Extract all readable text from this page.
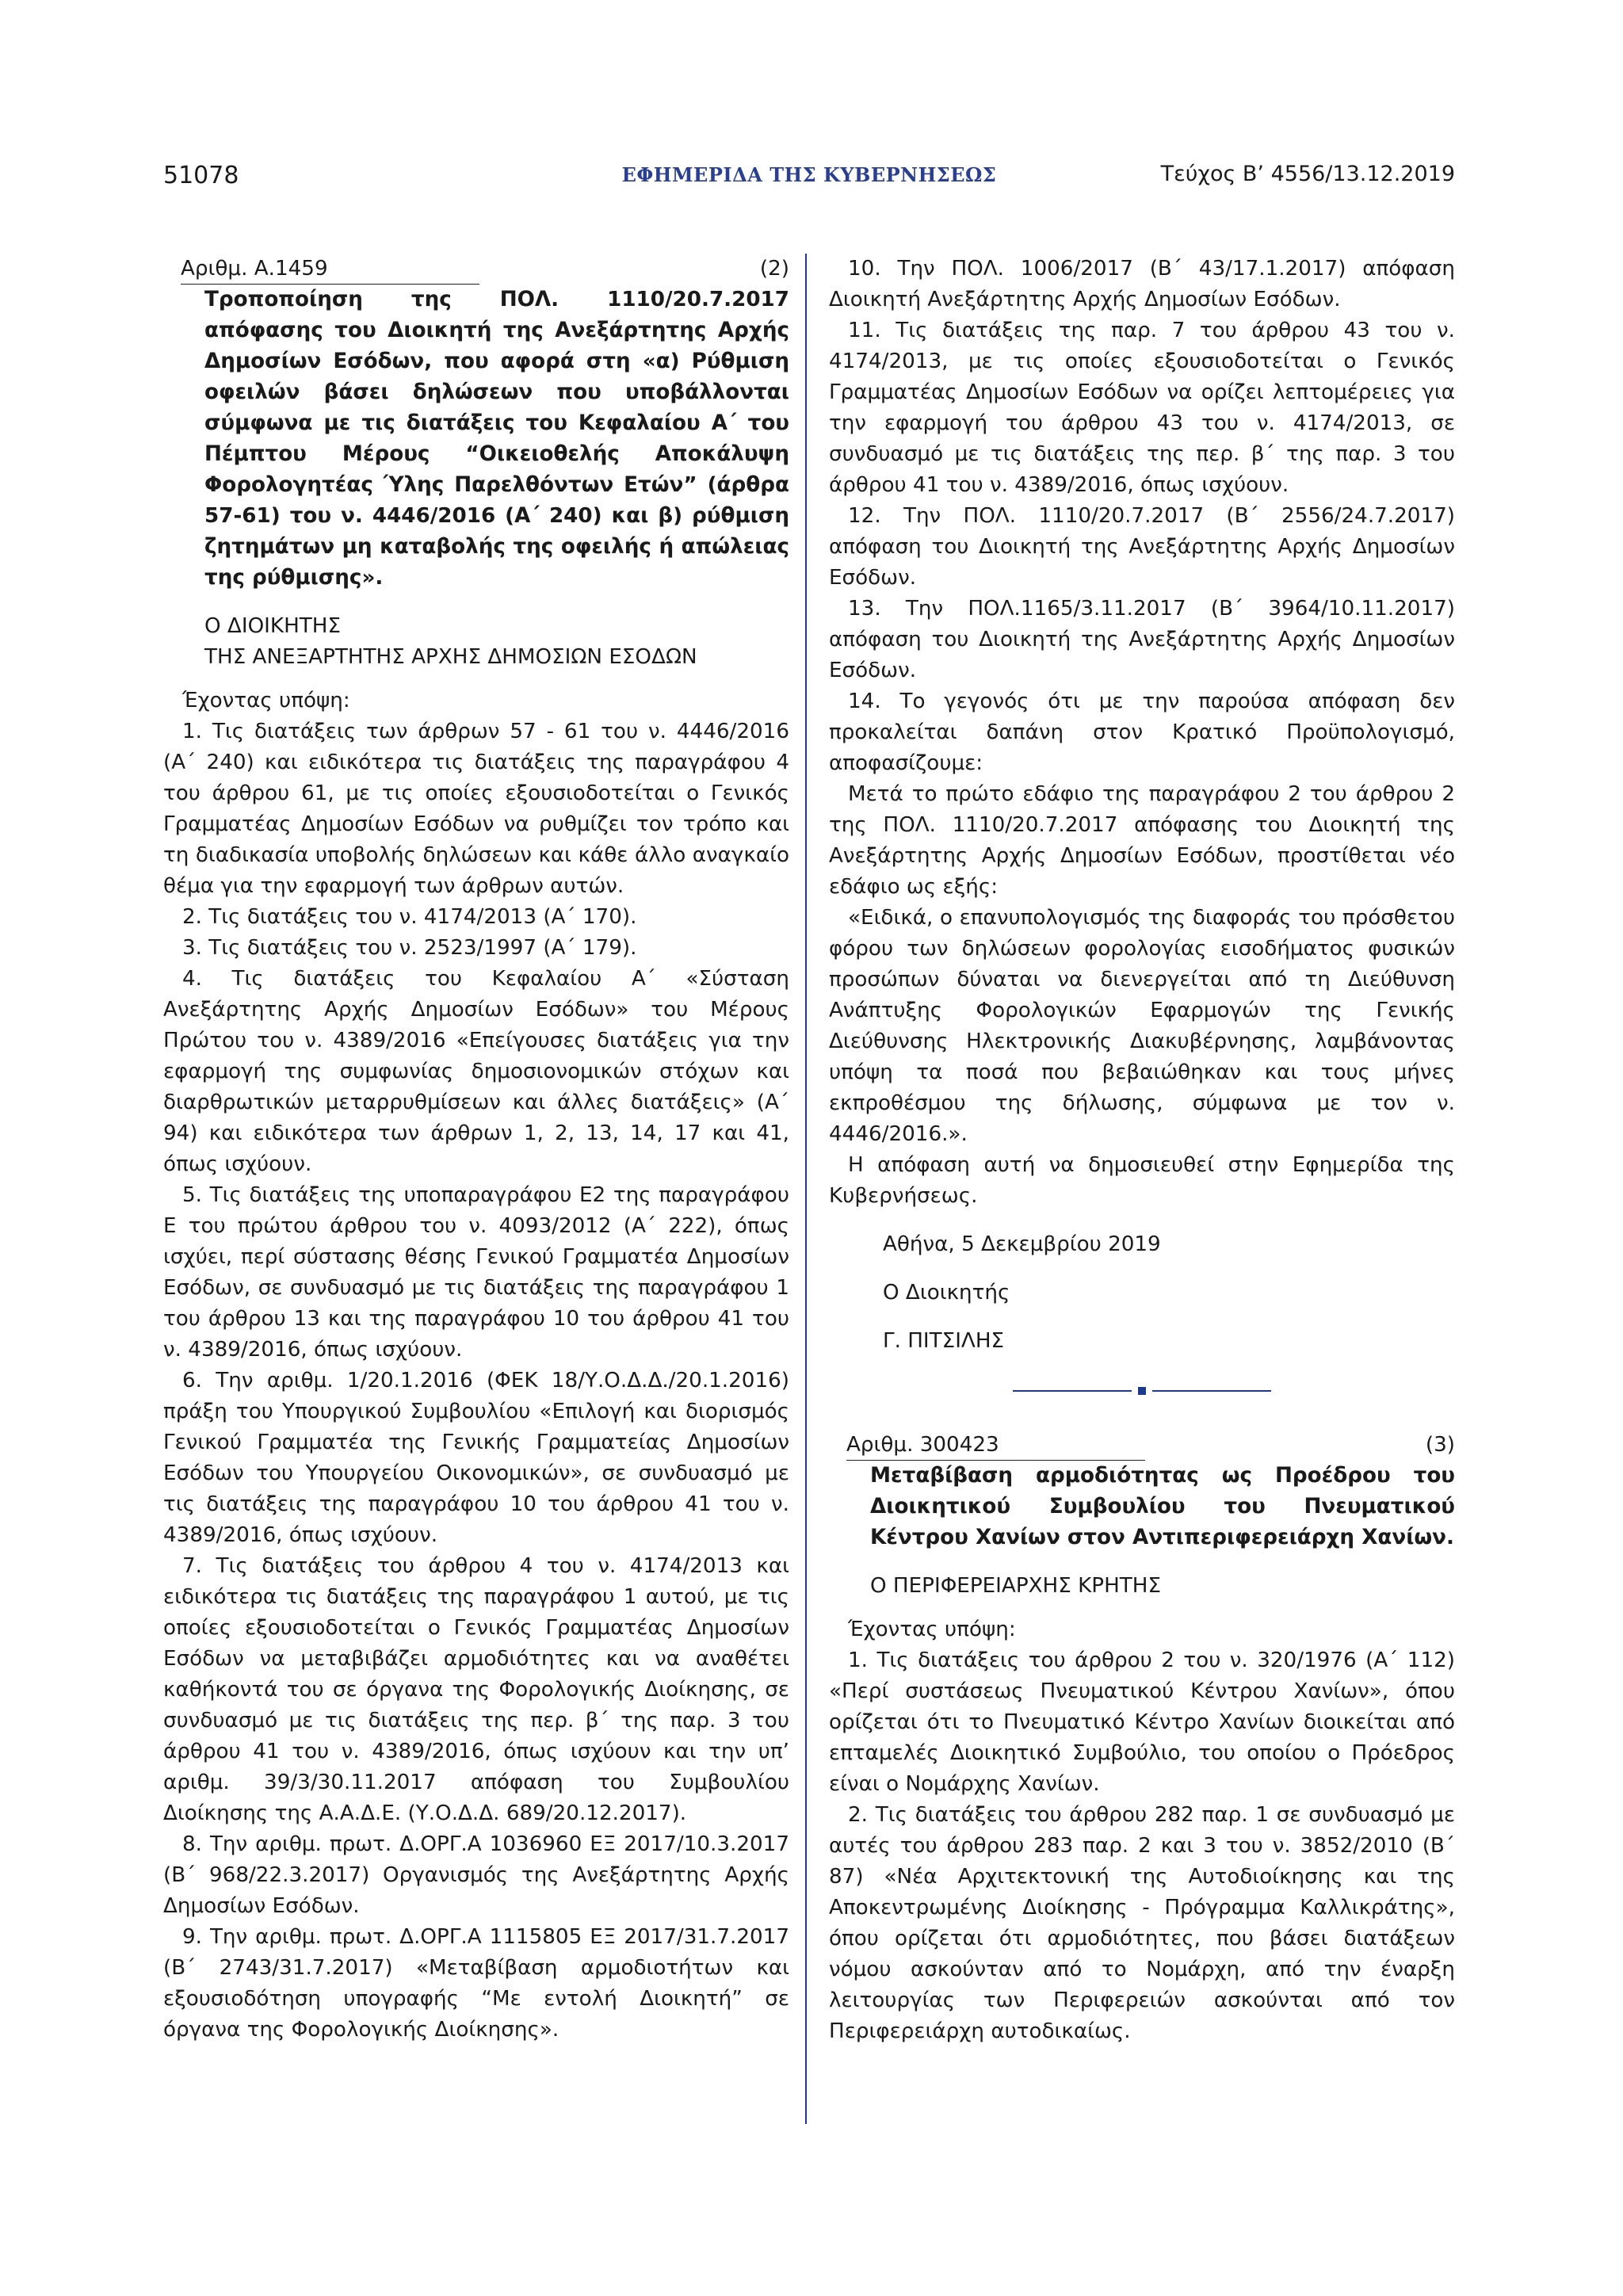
51078	ΕΦΗΜΕΡΙΔΑ ΤΗΣ ΚΥΒΕΡΝΗΣΕΩΣ	Τεύχος Β’ 4556/13.12.2019
Αριθμ. Α.1459	(2)
Τροποποίηση της ΠΟΛ. 1110/20.7.2017 απόφασης του Διοικητή της Ανεξάρτητης Αρχής Δημοσίων Εσόδων, που αφορά στη «α) Ρύθμιση οφειλών βάσει δηλώσεων που υποβάλλονται σύμφωνα με τις διατάξεις του Κεφαλαίου Α΄ του Πέμπτου Μέρους “Οικειοθελής Αποκάλυψη Φορολογητέας Ύλης Παρελθόντων Ετών” (άρθρα 57-61) του ν. 4446/2016 (Α΄ 240) και β) ρύθμιση ζητημάτων μη καταβολής της οφειλής ή απώλειας της ρύθμισης».
Ο ΔΙΟΙΚΗΤΗΣ
ΤΗΣ ΑΝΕΞΑΡΤΗΤΗΣ ΑΡΧΗΣ ΔΗΜΟΣΙΩΝ ΕΣΟΔΩΝ

Έχοντας υπόψη:

1. Τις διατάξεις των άρθρων 57 - 61 του ν. 4446/2016 (Α΄ 240) και ειδικότερα τις διατάξεις της παραγράφου 4 του άρθρου 61, με τις οποίες εξουσιοδοτείται ο Γενικός Γραμματέας Δημοσίων Εσόδων να ρυθμίζει τον τρόπο και τη διαδικασία υποβολής δηλώσεων και κάθε άλλο αναγκαίο θέμα για την εφαρμογή των άρθρων αυτών.

2. Τις διατάξεις του ν. 4174/2013 (Α΄ 170).

3. Τις διατάξεις του ν. 2523/1997 (Α΄ 179).

4. Τις διατάξεις του Κεφαλαίου Α΄ «Σύσταση Ανεξάρτητης Αρχής Δημοσίων Εσόδων» του Μέρους Πρώτου του ν. 4389/2016 «Επείγουσες διατάξεις για την εφαρμογή της συμφωνίας δημοσιονομικών στόχων και διαρθρωτικών μεταρρυθμίσεων και άλλες διατάξεις» (Α΄ 94) και ειδικότερα των άρθρων 1, 2, 13, 14, 17 και 41, όπως ισχύουν.

5. Τις διατάξεις της υποπαραγράφου Ε2 της παραγράφου Ε του πρώτου άρθρου του ν. 4093/2012 (Α΄ 222), όπως ισχύει, περί σύστασης θέσης Γενικού Γραμματέα Δημοσίων Εσόδων, σε συνδυασμό με τις διατάξεις της παραγράφου 1 του άρθρου 13 και της παραγράφου 10 του άρθρου 41 του ν. 4389/2016, όπως ισχύουν.

6. Την αριθμ. 1/20.1.2016 (ΦΕΚ 18/Υ.Ο.Δ.Δ./20.1.2016) πράξη του Υπουργικού Συμβουλίου «Επιλογή και διορισμός Γενικού Γραμματέα της Γενικής Γραμματείας Δημοσίων Εσόδων του Υπουργείου Οικονομικών», σε συνδυασμό με τις διατάξεις της παραγράφου 10 του άρθρου 41 του ν. 4389/2016, όπως ισχύουν.

7. Τις διατάξεις του άρθρου 4 του ν. 4174/2013 και ειδικότερα τις διατάξεις της παραγράφου 1 αυτού, με τις οποίες εξουσιοδοτείται ο Γενικός Γραμματέας Δημοσίων Εσόδων να μεταβιβάζει αρμοδιότητες και να αναθέτει καθήκοντά του σε όργανα της Φορολογικής Διοίκησης, σε συνδυασμό με τις διατάξεις της περ. β΄ της παρ. 3 του άρθρου 41 του ν. 4389/2016, όπως ισχύουν και την υπ’ αριθμ. 39/3/30.11.2017 απόφαση του Συμβουλίου Διοίκησης της Α.Α.Δ.Ε. (Υ.Ο.Δ.Δ. 689/20.12.2017).

8. Την αριθμ. πρωτ. Δ.ΟΡΓ.Α 1036960 ΕΞ 2017/10.3.2017 (Β΄ 968/22.3.2017) Οργανισμός της Ανεξάρτητης Αρχής Δημοσίων Εσόδων.

9. Την αριθμ. πρωτ. Δ.ΟΡΓ.Α 1115805 ΕΞ 2017/31.7.2017 (Β΄ 2743/31.7.2017) «Μεταβίβαση αρμοδιοτήτων και εξουσιοδότηση υπογραφής “Με εντολή Διοικητή” σε όργανα της Φορολογικής Διοίκησης».

10. Την ΠΟΛ. 1006/2017 (Β΄ 43/17.1.2017) απόφαση Διοικητή Ανεξάρτητης Αρχής Δημοσίων Εσόδων.

11. Τις διατάξεις της παρ. 7 του άρθρου 43 του ν. 4174/2013, με τις οποίες εξουσιοδοτείται ο Γενικός Γραμματέας Δημοσίων Εσόδων να ορίζει λεπτομέρειες για την εφαρμογή του άρθρου 43 του ν. 4174/2013, σε συνδυασμό με τις διατάξεις της περ. β΄ της παρ. 3 του άρθρου 41 του ν. 4389/2016, όπως ισχύουν.

12. Την ΠΟΛ. 1110/20.7.2017 (Β΄ 2556/24.7.2017) απόφαση του Διοικητή της Ανεξάρτητης Αρχής Δημοσίων Εσόδων.

13. Την ΠΟΛ.1165/3.11.2017 (Β΄ 3964/10.11.2017) απόφαση του Διοικητή της Ανεξάρτητης Αρχής Δημοσίων Εσόδων.

14. Το γεγονός ότι με την παρούσα απόφαση δεν προκαλείται δαπάνη στον Κρατικό Προϋπολογισμό, αποφασίζουμε:

Μετά το πρώτο εδάφιο της παραγράφου 2 του άρθρου 2 της ΠΟΛ. 1110/20.7.2017 απόφασης του Διοικητή της Ανεξάρτητης Αρχής Δημοσίων Εσόδων, προστίθεται νέο εδάφιο ως εξής:

«Ειδικά, ο επανυπολογισμός της διαφοράς του πρόσθετου φόρου των δηλώσεων φορολογίας εισοδήματος φυσικών προσώπων δύναται να διενεργείται από τη Διεύθυνση Ανάπτυξης Φορολογικών Εφαρμογών της Γενικής Διεύθυνσης Ηλεκτρονικής Διακυβέρνησης, λαμβάνοντας υπόψη τα ποσά που βεβαιώθηκαν και τους μήνες εκπροθέσμου της δήλωσης, σύμφωνα με τον ν. 4446/2016.».

Η απόφαση αυτή να δημοσιευθεί στην Εφημερίδα της Κυβερνήσεως.

Αθήνα, 5 Δεκεμβρίου 2019
Ο Διοικητής
Γ. ΠΙΤΣΙΛΗΣ
Αριθμ. 300423	(3)
Μεταβίβαση αρμοδιότητας ως Προέδρου του Διοικητικού Συμβουλίου του Πνευματικού Κέντρου Χανίων στον Αντιπεριφερειάρχη Χανίων.
Ο ΠΕΡΙΦΕΡΕΙΑΡΧΗΣ ΚΡΗΤΗΣ

Έχοντας υπόψη:

1. Τις διατάξεις του άρθρου 2 του ν. 320/1976 (Α΄ 112) «Περί συστάσεως Πνευματικού Κέντρου Χανίων», όπου ορίζεται ότι το Πνευματικό Κέντρο Χανίων διοικείται από επταμελές Διοικητικό Συμβούλιο, του οποίου ο Πρόεδρος είναι ο Νομάρχης Χανίων.

2. Τις διατάξεις του άρθρου 282 παρ. 1 σε συνδυασμό με αυτές του άρθρου 283 παρ. 2 και 3 του ν. 3852/2010 (Β΄ 87) «Νέα Αρχιτεκτονική της Αυτοδιοίκησης και της Αποκεντρωμένης Διοίκησης - Πρόγραμμα Καλλικράτης», όπου ορίζεται ότι αρμοδιότητες, που βάσει διατάξεων νόμου ασκούνταν από το Νομάρχη, από την έναρξη λειτουργίας των Περιφερειών ασκούνται από τον Περιφερειάρχη αυτοδικαίως.
